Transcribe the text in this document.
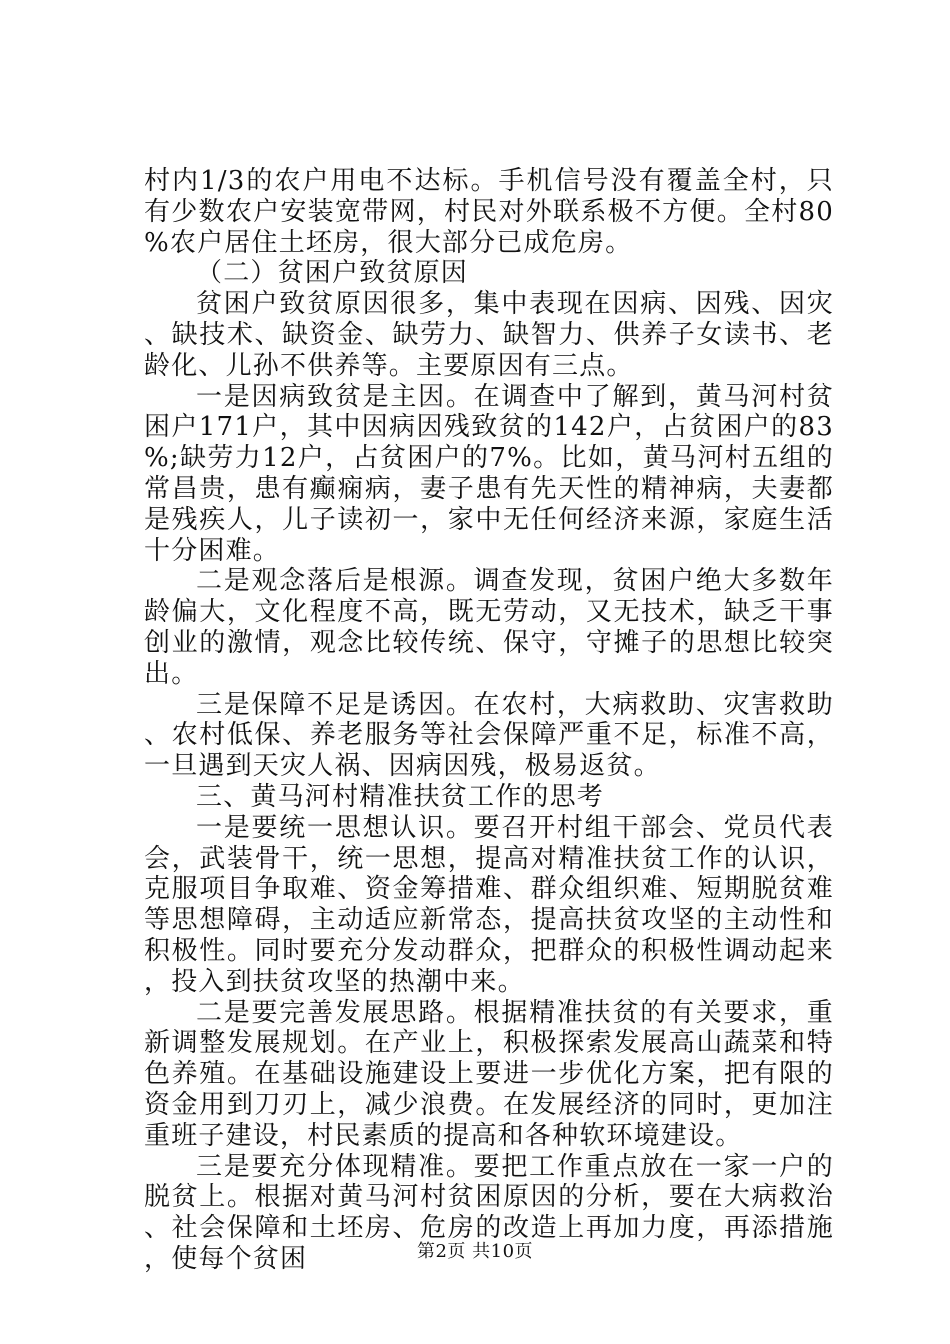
村内1/3的农户用电不达标。手机信号没有覆盖全村，只有少数农户安装宽带网，村民对外联系极不方便。全村80%农户居住土坯房，很大部分已成危房。

（二）贫困户致贫原因

贫困户致贫原因很多，集中表现在因病、因残、因灾、缺技术、缺资金、缺劳力、缺智力、供养子女读书、老龄化、儿孙不供养等。主要原因有三点。

一是因病致贫是主因。在调查中了解到，黄马河村贫困户171户，其中因病因残致贫的142户，占贫困户的83%;缺劳力12户，占贫困户的7%。比如，黄马河村五组的常昌贵，患有癫痫病，妻子患有先天性的精神病，夫妻都是残疾人，儿子读初一，家中无任何经济来源，家庭生活十分困难。

二是观念落后是根源。调查发现，贫困户绝大多数年龄偏大，文化程度不高，既无劳动，又无技术，缺乏干事创业的激情，观念比较传统、保守，守摊子的思想比较突出。

三是保障不足是诱因。在农村，大病救助、灾害救助、农村低保、养老服务等社会保障严重不足，标准不高，一旦遇到天灾人祸、因病因残，极易返贫。

三、黄马河村精准扶贫工作的思考

一是要统一思想认识。要召开村组干部会、党员代表会，武装骨干，统一思想，提高对精准扶贫工作的认识，克服项目争取难、资金筹措难、群众组织难、短期脱贫难等思想障碍，主动适应新常态，提高扶贫攻坚的主动性和积极性。同时要充分发动群众，把群众的积极性调动起来，投入到扶贫攻坚的热潮中来。

二是要完善发展思路。根据精准扶贫的有关要求，重新调整发展规划。在产业上，积极探索发展高山蔬菜和特色养殖。在基础设施建设上要进一步优化方案，把有限的资金用到刀刃上，减少浪费。在发展经济的同时，更加注重班子建设，村民素质的提高和各种软环境建设。

三是要充分体现精准。要把工作重点放在一家一户的脱贫上。根据对黄马河村贫困原因的分析，要在大病救治、社会保障和土坯房、危房的改造上再加力度，再添措施，使每个贫困	第2页 共10页
